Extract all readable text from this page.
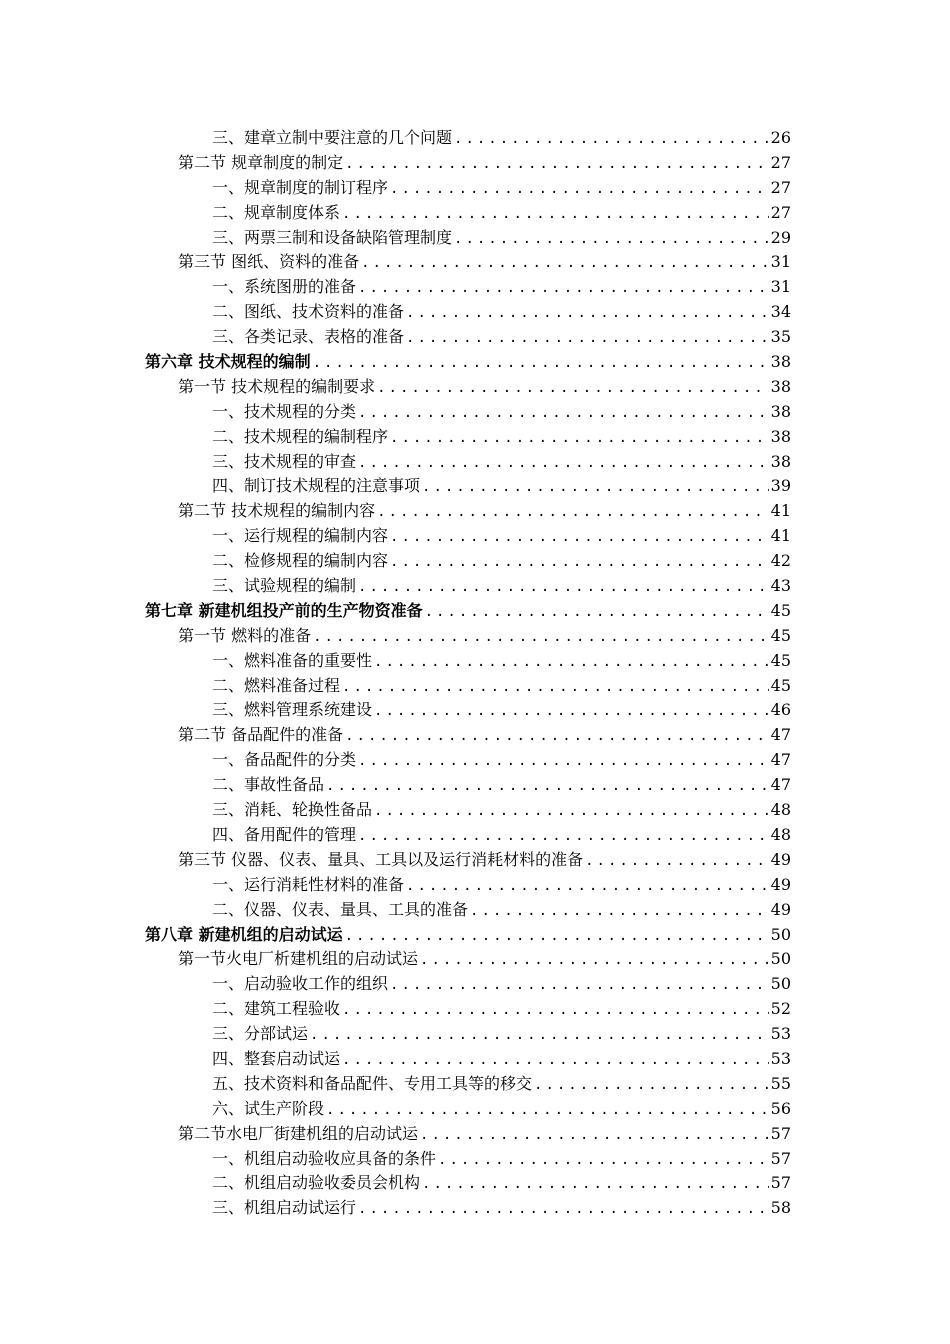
三、建章立制中要注意的几个问题 .....	26
第二节 规章制度的制定 .....	27
一、规章制度的制订程序 .....	27
二、规章制度体系 .....	27
三、两票三制和设备缺陷管理制度 .....	29
第三节 图纸、资料的准备 .....	31
一、系统图册的准备 .....	31
二、图纸、技术资料的准备 .....	34
三、各类记录、表格的准备 .....	35
第六章 技术规程的编制 .....	38
第一节 技术规程的编制要求 .....	38
一、技术规程的分类 .....	38
二、技术规程的编制程序 .....	38
三、技术规程的审查 .....	38
四、制订技术规程的注意事项 .....	39
第二节 技术规程的编制内容 .....	41
一、运行规程的编制内容 .....	41
二、检修规程的编制内容 .....	42
三、试验规程的编制 .....	43
第七章 新建机组投产前的生产物资准备 .....	45
第一节 燃料的准备 .....	45
一、燃料准备的重要性 .....	45
二、燃料准备过程 .....	45
三、燃料管理系统建设 .....	46
第二节 备品配件的准备 .....	47
一、备品配件的分类 .....	47
二、事故性备品 .....	47
三、消耗、轮换性备品 .....	48
四、备用配件的管理 .....	48
第三节 仪器、仪表、量具、工具以及运行消耗材料的准备 .....	49
一、运行消耗性材料的准备 .....	49
二、仪器、仪表、量具、工具的准备 .....	49
第八章 新建机组的启动试运 .....	50
第一节火电厂析建机组的启动试运 .....	50
一、启动验收工作的组织 .....	50
二、建筑工程验收 .....	52
三、分部试运 .....	53
四、整套启动试运 .....	53
五、技术资料和备品配件、专用工具等的移交 .....	55
六、试生产阶段 .....	56
第二节水电厂街建机组的启动试运 .....	57
一、机组启动验收应具备的条件 .....	57
二、机组启动验收委员会机构 .....	57
三、机组启动试运行 .....	58
